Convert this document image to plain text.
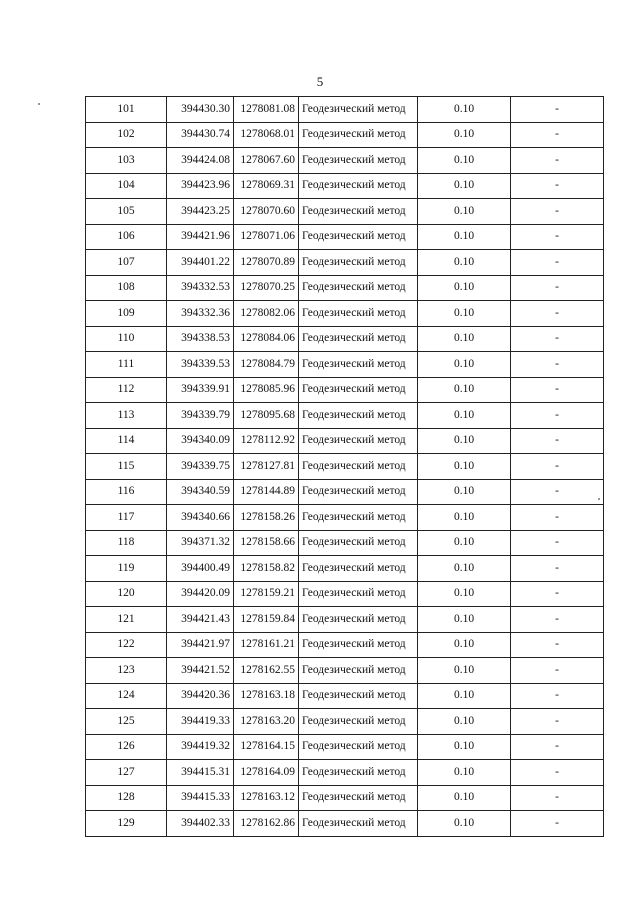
5
101	394430.30	1278081.08	Геодезический метод	0.10	-
102	394430.74	1278068.01	Геодезический метод	0.10	-
103	394424.08	1278067.60	Геодезический метод	0.10	-
104	394423.96	1278069.31	Геодезический метод	0.10	-
105	394423.25	1278070.60	Геодезический метод	0.10	-
106	394421.96	1278071.06	Геодезический метод	0.10	-
107	394401.22	1278070.89	Геодезический метод	0.10	-
108	394332.53	1278070.25	Геодезический метод	0.10	-
109	394332.36	1278082.06	Геодезический метод	0.10	-
110	394338.53	1278084.06	Геодезический метод	0.10	-
111	394339.53	1278084.79	Геодезический метод	0.10	-
112	394339.91	1278085.96	Геодезический метод	0.10	-
113	394339.79	1278095.68	Геодезический метод	0.10	-
114	394340.09	1278112.92	Геодезический метод	0.10	-
115	394339.75	1278127.81	Геодезический метод	0.10	-
116	394340.59	1278144.89	Геодезический метод	0.10	-
117	394340.66	1278158.26	Геодезический метод	0.10	-
118	394371.32	1278158.66	Геодезический метод	0.10	-
119	394400.49	1278158.82	Геодезический метод	0.10	-
120	394420.09	1278159.21	Геодезический метод	0.10	-
121	394421.43	1278159.84	Геодезический метод	0.10	-
122	394421.97	1278161.21	Геодезический метод	0.10	-
123	394421.52	1278162.55	Геодезический метод	0.10	-
124	394420.36	1278163.18	Геодезический метод	0.10	-
125	394419.33	1278163.20	Геодезический метод	0.10	-
126	394419.32	1278164.15	Геодезический метод	0.10	-
127	394415.31	1278164.09	Геодезический метод	0.10	-
128	394415.33	1278163.12	Геодезический метод	0.10	-
129	394402.33	1278162.86	Геодезический метод	0.10	-
